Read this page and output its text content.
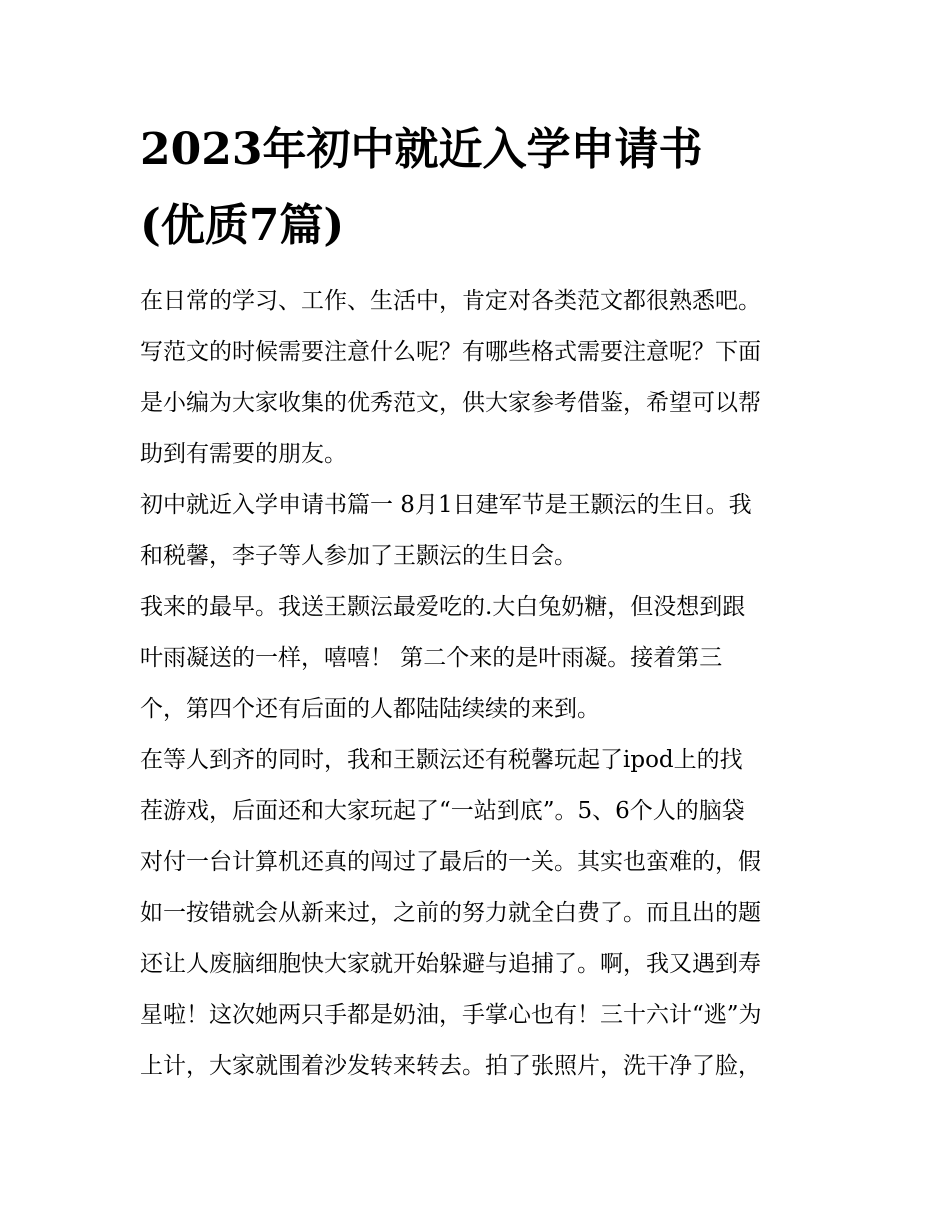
2023年初中就近入学申请书
(优质7篇)

在日常的学习、工作、生活中，肯定对各类范文都很熟悉吧。
写范文的时候需要注意什么呢？有哪些格式需要注意呢？下面
是小编为大家收集的优秀范文，供大家参考借鉴，希望可以帮
助到有需要的朋友。

初中就近入学申请书篇一 8月1日建军节是王颢沄的生日。我
和税馨，李子等人参加了王颢沄的生日会。

我来的最早。我送王颢沄最爱吃的.大白兔奶糖，但没想到跟
叶雨凝送的一样，嘻嘻！ 第二个来的是叶雨凝。接着第三
个，第四个还有后面的人都陆陆续续的来到。

在等人到齐的同时，我和王颢沄还有税馨玩起了ipod上的找
茬游戏，后面还和大家玩起了“一站到底”。5、6个人的脑袋
对付一台计算机还真的闯过了最后的一关。其实也蛮难的，假
如一按错就会从新来过，之前的努力就全白费了。而且出的题
还让人废脑细胞快大家就开始躲避与追捕了。啊，我又遇到寿
星啦！这次她两只手都是奶油，手掌心也有！三十六计“逃”为
上计，大家就围着沙发转来转去。拍了张照片，洗干净了脸，
